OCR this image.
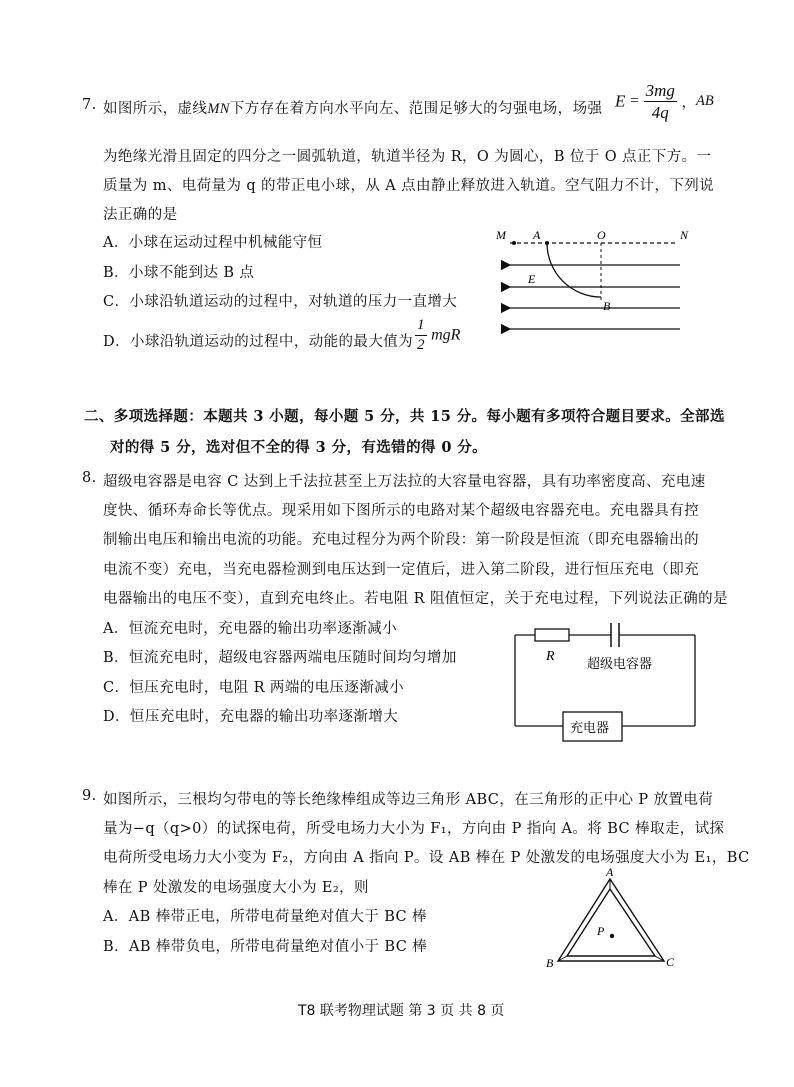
7. 如图所示，虚线MN下方存在着方向水平向左、范围足够大的匀强电场，场强 $E = \frac{3mg}{4q}$ ，AB
为绝缘光滑且固定的四分之一圆弧轨道，轨道半径为 R，O 为圆心，B 位于 O 点正下方。一
质量为 m、电荷量为 q 的带正电小球，从 A 点由静止释放进入轨道。空气阻力不计，下列说
法正确的是
A．小球在运动过程中机械能守恒
B．小球不能到达 B 点
C．小球沿轨道运动的过程中，对轨道的压力一直增大
D．小球沿轨道运动的过程中，动能的最大值为 $\frac{1}{2}$ mgR
M A	O	N
E
B
二、多项选择题：本题共 3 小题，每小题 5 分，共 15 分。每小题有多项符合题目要求。全部选
对的得 5 分，选对但不全的得 3 分，有选错的得 0 分。
8. 超级电容器是电容 C 达到上千法拉甚至上万法拉的大容量电容器，具有功率密度高、充电速
度快、循环寿命长等优点。现采用如下图所示的电路对某个超级电容器充电。充电器具有控
制输出电压和输出电流的功能。充电过程分为两个阶段：第一阶段是恒流（即充电器输出的
电流不变）充电，当充电器检测到电压达到一定值后，进入第二阶段，进行恒压充电（即充
电器输出的电压不变），直到充电终止。若电阻 R 阻值恒定，关于充电过程，下列说法正确的是
A．恒流充电时，充电器的输出功率逐渐减小
B．恒流充电时，超级电容器两端电压随时间均匀增加
C．恒压充电时，电阻 R 两端的电压逐渐减小
D．恒压充电时，充电器的输出功率逐渐增大
R
超级电容器
充电器
9. 如图所示，三根均匀带电的等长绝缘棒组成等边三角形 ABC，在三角形的正中心 P 放置电荷
量为−q（q>0）的试探电荷，所受电场力大小为 F₁，方向由 P 指向 A。将 BC 棒取走，试探
电荷所受电场力大小变为 F₂，方向由 A 指向 P。设 AB 棒在 P 处激发的电场强度大小为 E₁，BC
棒在 P 处激发的电场强度大小为 E₂，则
A．AB 棒带正电，所带电荷量绝对值大于 BC 棒
B．AB 棒带负电，所带电荷量绝对值小于 BC 棒
A
P
B	C
T8 联考物理试题 第 3 页 共 8 页
